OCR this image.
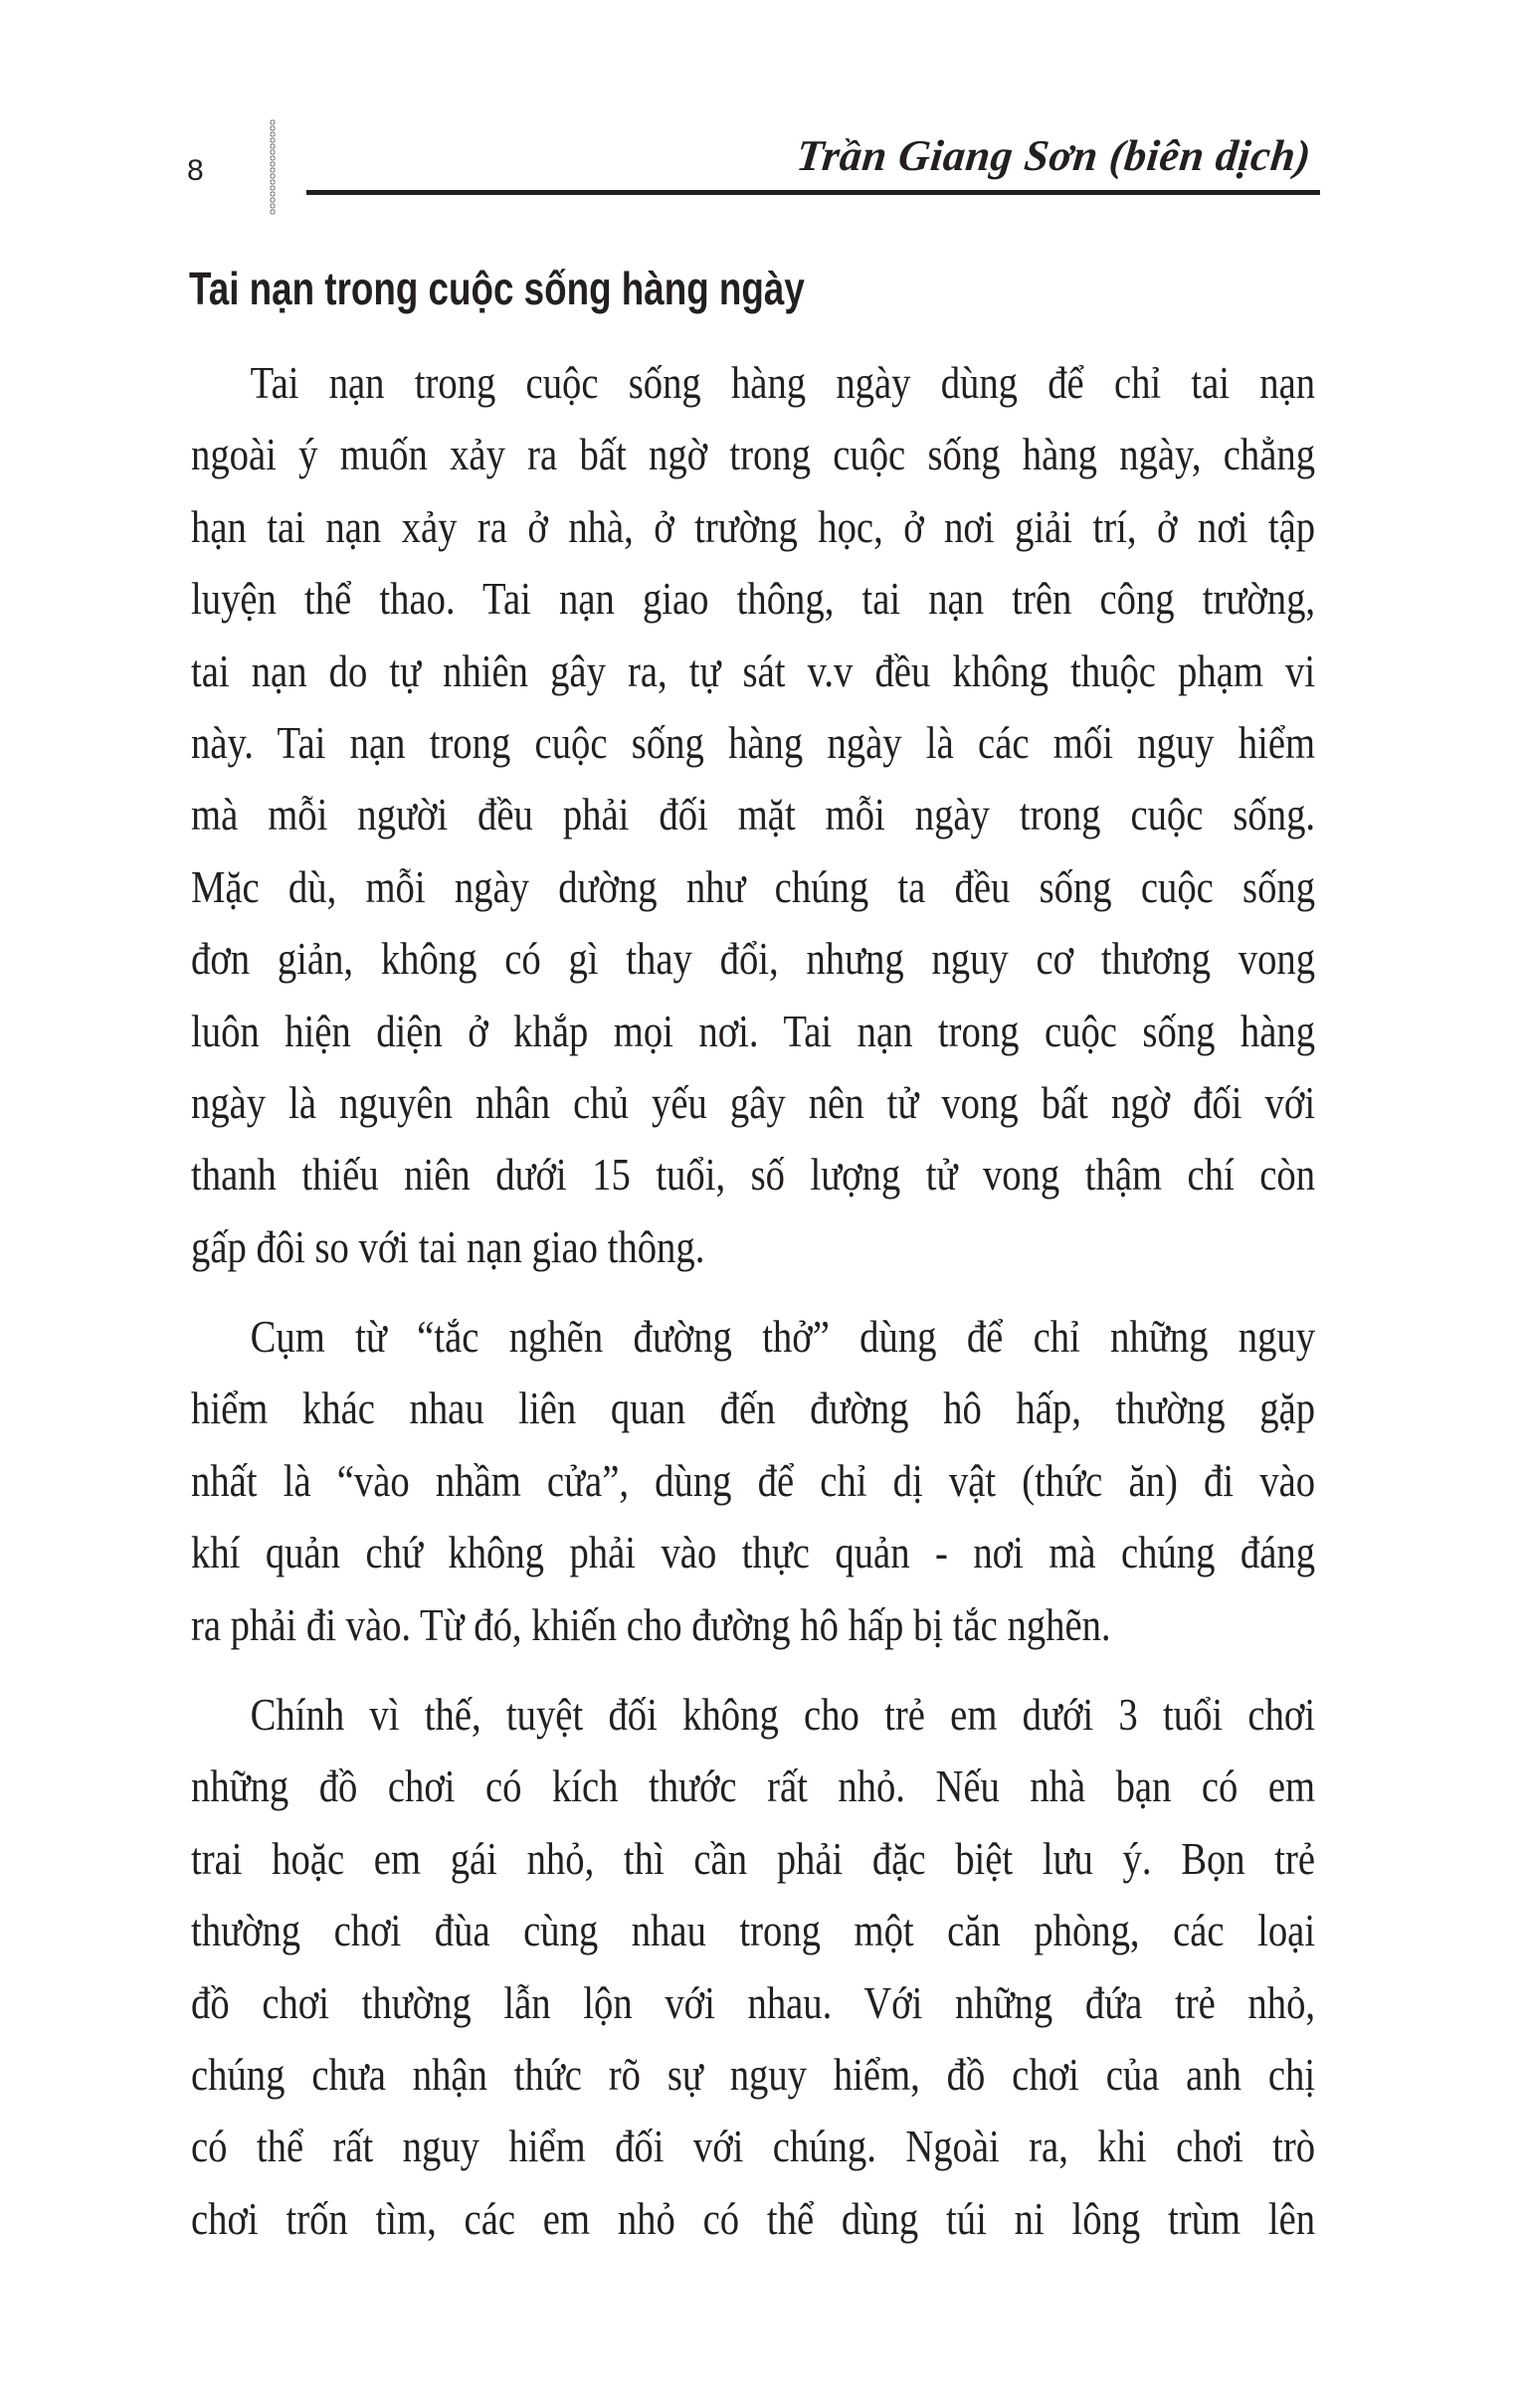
8	Trần Giang Sơn (biên dịch)
Tai nạn trong cuộc sống hàng ngày
Tai nạn trong cuộc sống hàng ngày dùng để chỉ tai nạn
ngoài ý muốn xảy ra bất ngờ trong cuộc sống hàng ngày, chẳng
hạn tai nạn xảy ra ở nhà, ở trường học, ở nơi giải trí, ở nơi tập
luyện thể thao. Tai nạn giao thông, tai nạn trên công trường,
tai nạn do tự nhiên gây ra, tự sát v.v đều không thuộc phạm vi
này. Tai nạn trong cuộc sống hàng ngày là các mối nguy hiểm
mà mỗi người đều phải đối mặt mỗi ngày trong cuộc sống.
Mặc dù, mỗi ngày dường như chúng ta đều sống cuộc sống
đơn giản, không có gì thay đổi, nhưng nguy cơ thương vong
luôn hiện diện ở khắp mọi nơi. Tai nạn trong cuộc sống hàng
ngày là nguyên nhân chủ yếu gây nên tử vong bất ngờ đối với
thanh thiếu niên dưới 15 tuổi, số lượng tử vong thậm chí còn
gấp đôi so với tai nạn giao thông.
Cụm từ “tắc nghẽn đường thở” dùng để chỉ những nguy
hiểm khác nhau liên quan đến đường hô hấp, thường gặp
nhất là “vào nhầm cửa”, dùng để chỉ dị vật (thức ăn) đi vào
khí quản chứ không phải vào thực quản - nơi mà chúng đáng
ra phải đi vào. Từ đó, khiến cho đường hô hấp bị tắc nghẽn.
Chính vì thế, tuyệt đối không cho trẻ em dưới 3 tuổi chơi
những đồ chơi có kích thước rất nhỏ. Nếu nhà bạn có em
trai hoặc em gái nhỏ, thì cần phải đặc biệt lưu ý. Bọn trẻ
thường chơi đùa cùng nhau trong một căn phòng, các loại
đồ chơi thường lẫn lộn với nhau. Với những đứa trẻ nhỏ,
chúng chưa nhận thức rõ sự nguy hiểm, đồ chơi của anh chị
có thể rất nguy hiểm đối với chúng. Ngoài ra, khi chơi trò
chơi trốn tìm, các em nhỏ có thể dùng túi ni lông trùm lên
